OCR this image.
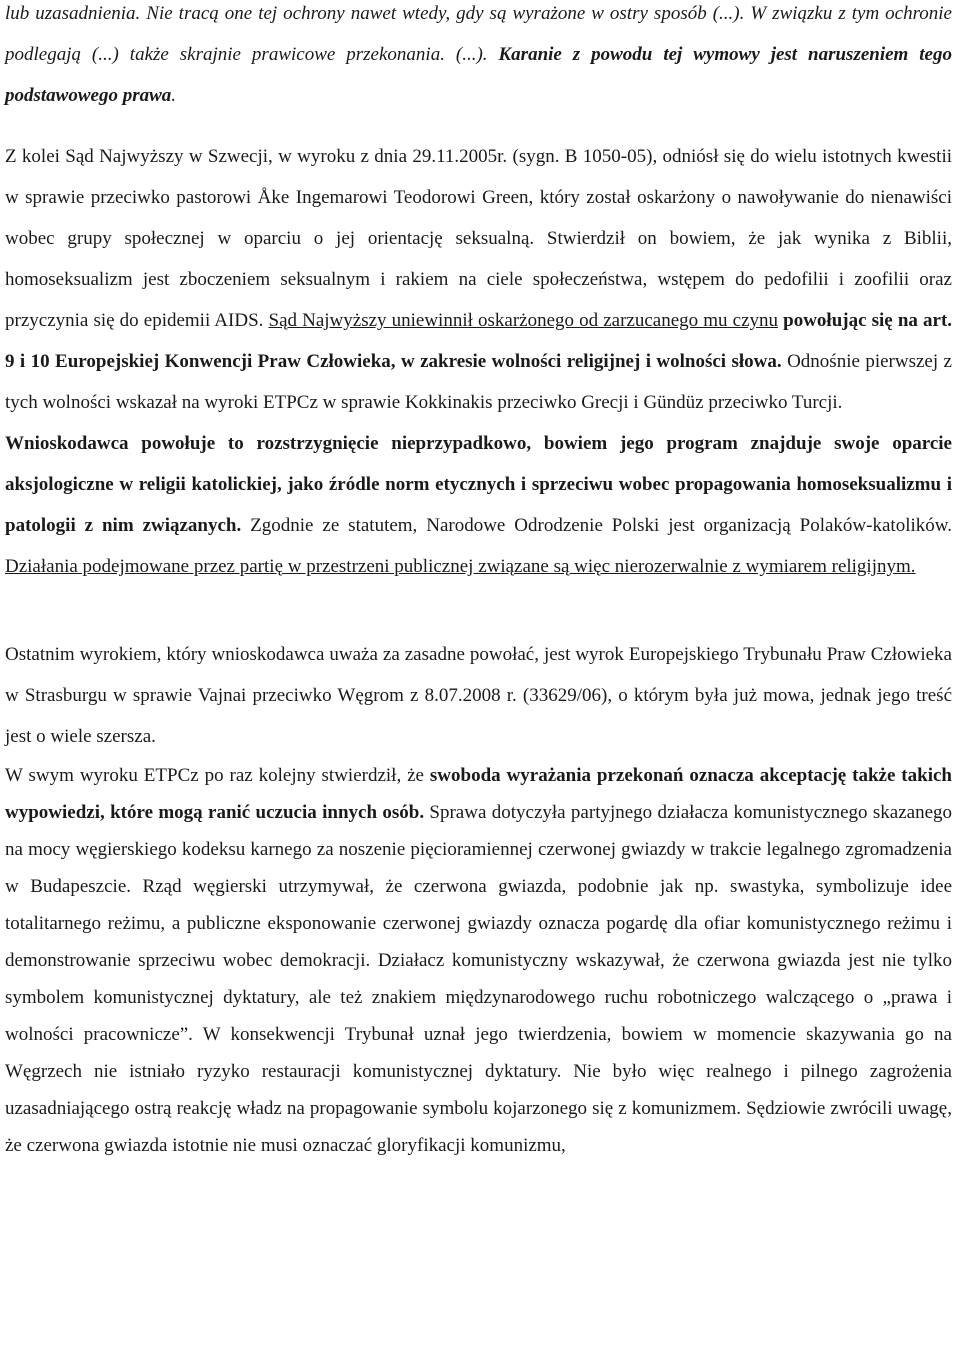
lub uzasadnienia. Nie tracą one tej ochrony nawet wtedy, gdy są wyrażone w ostry sposób (...). W związku z tym ochronie podlegają (...) także skrajnie prawicowe przekonania. (...). Karanie z powodu tej wymowy jest naruszeniem tego podstawowego prawa.

Z kolei Sąd Najwyższy w Szwecji, w wyroku z dnia 29.11.2005r. (sygn. B 1050-05), odniósł się do wielu istotnych kwestii w sprawie przeciwko pastorowi Åke Ingemarowi Teodorowi Green, który został oskarżony o nawoływanie do nienawiści wobec grupy społecznej w oparciu o jej orientację seksualną. Stwierdził on bowiem, że jak wynika z Biblii, homoseksualizm jest zboczeniem seksualnym i rakiem na ciele społeczeństwa, wstępem do pedofilii i zoofilii oraz przyczynia się do epidemii AIDS. Sąd Najwyższy uniewinnił oskarżonego od zarzucanego mu czynu powołując się na art. 9 i 10 Europejskiej Konwencji Praw Człowieka, w zakresie wolności religijnej i wolności słowa. Odnośnie pierwszej z tych wolności wskazał na wyroki ETPCz w sprawie Kokkinakis przeciwko Grecji i Gündüz przeciwko Turcji.

Wnioskodawca powołuje to rozstrzygnięcie nieprzypadkowo, bowiem jego program znajduje swoje oparcie aksjologiczne w religii katolickiej, jako źródle norm etycznych i sprzeciwu wobec propagowania homoseksualizmu i patologii z nim związanych. Zgodnie ze statutem, Narodowe Odrodzenie Polski jest organizacją Polaków-katolików. Działania podejmowane przez partię w przestrzeni publicznej związane są więc nierozerwalnie z wymiarem religijnym.

Ostatnim wyrokiem, który wnioskodawca uważa za zasadne powołać, jest wyrok Europejskiego Trybunału Praw Człowieka w Strasburgu w sprawie Vajnai przeciwko Węgrom z 8.07.2008 r. (33629/06), o którym była już mowa, jednak jego treść jest o wiele szersza.

W swym wyroku ETPCz po raz kolejny stwierdził, że swoboda wyrażania przekonań oznacza akceptację także takich wypowiedzi, które mogą ranić uczucia innych osób. Sprawa dotyczyła partyjnego działacza komunistycznego skazanego na mocy węgierskiego kodeksu karnego za noszenie pięcioramiennej czerwonej gwiazdy w trakcie legalnego zgromadzenia w Budapeszcie. Rząd węgierski utrzymywał, że czerwona gwiazda, podobnie jak np. swastyka, symbolizuje idee totalitarnego reżimu, a publiczne eksponowanie czerwonej gwiazdy oznacza pogardę dla ofiar komunistycznego reżimu i demonstrowanie sprzeciwu wobec demokracji. Działacz komunistyczny wskazywał, że czerwona gwiazda jest nie tylko symbolem komunistycznej dyktatury, ale też znakiem międzynarodowego ruchu robotniczego walczącego o „prawa i wolności pracownicze”. W konsekwencji Trybunał uznał jego twierdzenia, bowiem w momencie skazywania go na Węgrzech nie istniało ryzyko restauracji komunistycznej dyktatury. Nie było więc realnego i pilnego zagrożenia uzasadniającego ostrą reakcję władz na propagowanie symbolu kojarzonego się z komunizmem. Sędziowie zwrócili uwagę, że czerwona gwiazda istotnie nie musi oznaczać gloryfikacji komunizmu,
